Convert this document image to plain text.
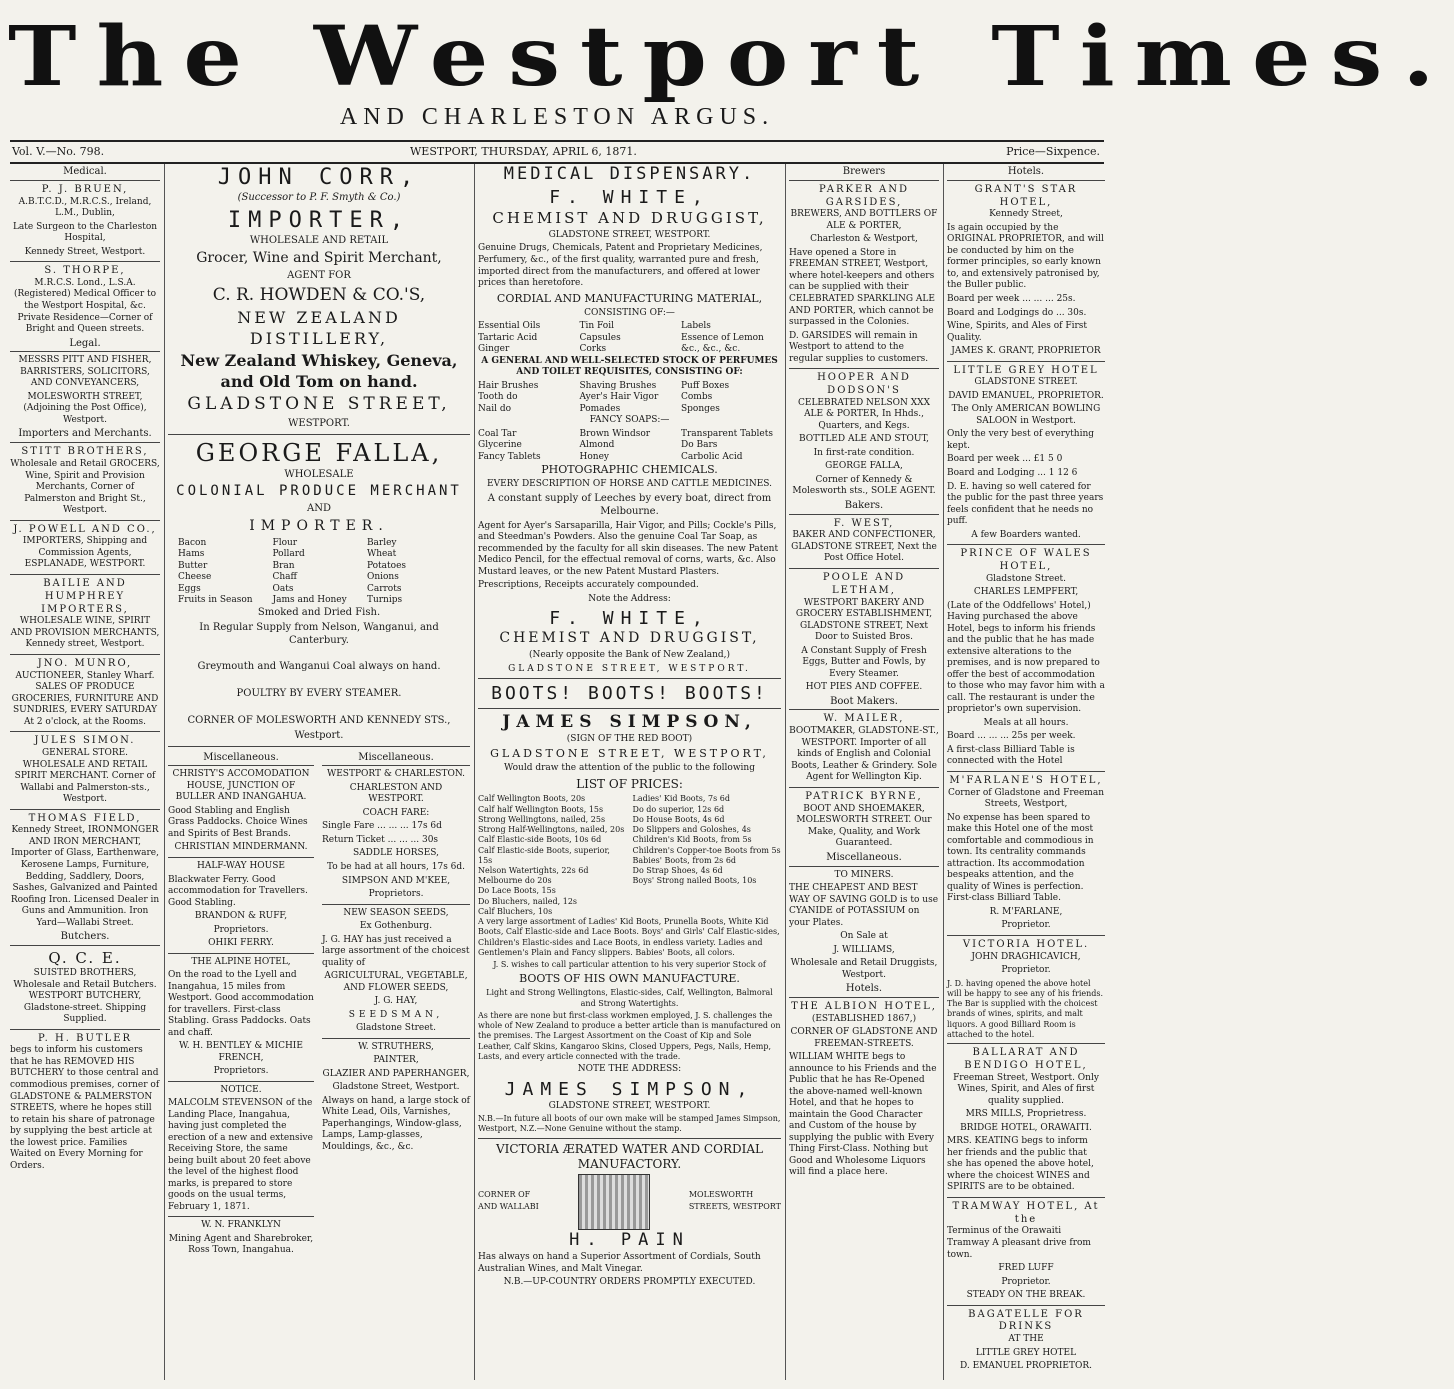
The Westport Times.
AND CHARLESTON ARGUS.
Vol. V.—No. 798.	WESTPORT, THURSDAY, APRIL 6, 1871.	Price—Sixpence.
Medical.
P. J. BRUEN,

A.B.T.C.D., M.R.C.S., Ireland, L.M., Dublin,

Late Surgeon to the Charleston Hospital,

Kennedy Street, Westport.

S. THORPE,

M.R.C.S. Lond., L.S.A. (Registered) Medical Officer to the Westport Hospital, &c. Private Residence—Corner of Bright and Queen streets.

Legal.

MESSRS PITT AND FISHER, BARRISTERS, SOLICITORS, AND CONVEYANCERS,

MOLESWORTH STREET, (Adjoining the Post Office), Westport.

Importers and Merchants.
STITT BROTHERS,

Wholesale and Retail GROCERS, Wine, Spirit and Provision Merchants, Corner of Palmerston and Bright St., Westport.

J. POWELL AND CO.,

IMPORTERS, Shipping and Commission Agents, ESPLANADE, WESTPORT.

BAILIE AND HUMPHREY IMPORTERS,

WHOLESALE WINE, SPIRIT AND PROVISION MERCHANTS, Kennedy street, Westport.

JNO. MUNRO,

AUCTIONEER, Stanley Wharf. SALES OF PRODUCE GROCERIES, FURNITURE AND SUNDRIES, EVERY SATURDAY At 2 o'clock, at the Rooms.

JULES SIMON.

GENERAL STORE. WHOLESALE AND RETAIL SPIRIT MERCHANT. Corner of Wallabi and Palmerston-sts., Westport.

THOMAS FIELD,

Kennedy Street, IRONMONGER AND IRON MERCHANT, Importer of Glass, Earthenware, Kerosene Lamps, Furniture, Bedding, Saddlery, Doors, Sashes, Galvanized and Painted Roofing Iron. Licensed Dealer in Guns and Ammunition. Iron Yard—Wallabi Street.

Butchers.
Q. C. E.

SUISTED BROTHERS, Wholesale and Retail Butchers. WESTPORT BUTCHERY, Gladstone-street. Shipping Supplied.

P. H. BUTLER

begs to inform his customers that he has REMOVED HIS BUTCHERY to those central and commodious premises, corner of GLADSTONE & PALMERSTON STREETS, where he hopes still to retain his share of patronage by supplying the best article at the lowest price. Families Waited on Every Morning for Orders.

JOHN CORR,

(Successor to P. F. Smyth & Co.)

IMPORTER,

WHOLESALE AND RETAIL

Grocer, Wine and Spirit Merchant,

AGENT FOR

C. R. HOWDEN & CO.'S,

NEW ZEALAND DISTILLERY,

New Zealand Whiskey, Geneva, and Old Tom on hand.

GLADSTONE STREET,

WESTPORT.

GEORGE FALLA,

WHOLESALE

COLONIAL PRODUCE MERCHANT

AND

IMPORTER.

Bacon	Flour	Barley
Hams	Pollard	Wheat
Butter	Bran	Potatoes
Cheese	Chaff	Onions
Eggs	Oats	Carrots
Fruits in Season	Jams and Honey	Turnips

Smoked and Dried Fish.

In Regular Supply from Nelson, Wanganui, and Canterbury.

Greymouth and Wanganui Coal always on hand.

POULTRY BY EVERY STEAMER.

CORNER OF MOLESWORTH AND KENNEDY STS.,

Westport.

Miscellaneous.

CHRISTY'S ACCOMODATION HOUSE, JUNCTION OF BULLER AND INANGAHUA.

Good Stabling and English Grass Paddocks. Choice Wines and Spirits of Best Brands.

CHRISTIAN MINDERMANN.

HALF-WAY HOUSE

Blackwater Ferry. Good accommodation for Travellers. Good Stabling.

BRANDON & RUFF,

Proprietors.

OHIKI FERRY.

THE ALPINE HOTEL,

On the road to the Lyell and Inangahua, 15 miles from Westport. Good accommodation for travellers. First-class Stabling. Grass Paddocks. Oats and chaff.

W. H. BENTLEY & MICHIE FRENCH,

Proprietors.

NOTICE.

MALCOLM STEVENSON of the Landing Place, Inangahua, having just completed the erection of a new and extensive Receiving Store, the same being built about 20 feet above the level of the highest flood marks, is prepared to store goods on the usual terms, February 1, 1871.

W. N. FRANKLYN

Mining Agent and Sharebroker, Ross Town, Inangahua.

Miscellaneous.

WESTPORT & CHARLESTON.

CHARLESTON AND WESTPORT.

COACH FARE:

Single Fare ... ... ... 17s 6d

Return Ticket ... ... ... 30s

SADDLE HORSES,

To be had at all hours, 17s 6d.

SIMPSON AND M'KEE,

Proprietors.

NEW SEASON SEEDS,

Ex Gothenburg.

J. G. HAY has just received a large assortment of the choicest quality of

AGRICULTURAL, VEGETABLE, AND FLOWER SEEDS,

J. G. HAY,

SEEDSMAN,

Gladstone Street.

W. STRUTHERS,

PAINTER,

GLAZIER AND PAPERHANGER,

Gladstone Street, Westport.

Always on hand, a large stock of White Lead, Oils, Varnishes, Paperhangings, Window-glass, Lamps, Lamp-glasses, Mouldings, &c., &c.

MEDICAL DISPENSARY.
F. WHITE,

CHEMIST AND DRUGGIST,

GLADSTONE STREET, WESTPORT.

Genuine Drugs, Chemicals, Patent and Proprietary Medicines, Perfumery, &c., of the first quality, warranted pure and fresh, imported direct from the manufacturers, and offered at lower prices than heretofore.

CORDIAL AND MANUFACTURING MATERIAL,

CONSISTING OF:—

Essential Oils	Tin Foil	Labels
Tartaric Acid	Capsules	Essence of Lemon
Ginger	Corks	&c., &c., &c.

A GENERAL AND WELL-SELECTED STOCK OF PERFUMES AND TOILET REQUISITES, CONSISTING OF:

Hair Brushes	Shaving Brushes	Puff Boxes
Tooth do	Ayer's Hair Vigor	Combs
Nail do	Pomades	Sponges

FANCY SOAPS:—

Coal Tar	Brown Windsor	Transparent Tablets
Glycerine	Almond	Do Bars
Fancy Tablets	Honey	Carbolic Acid

PHOTOGRAPHIC CHEMICALS.

EVERY DESCRIPTION OF HORSE AND CATTLE MEDICINES.

A constant supply of Leeches by every boat, direct from Melbourne.

Agent for Ayer's Sarsaparilla, Hair Vigor, and Pills; Cockle's Pills, and Steedman's Powders. Also the genuine Coal Tar Soap, as recommended by the faculty for all skin diseases. The new Patent Medico Pencil, for the effectual removal of corns, warts, &c. Also Mustard leaves, or the new Patent Mustard Plasters.

Prescriptions, Receipts accurately compounded.

Note the Address:

F. WHITE,

CHEMIST AND DRUGGIST,

(Nearly opposite the Bank of New Zealand,)

GLADSTONE STREET, WESTPORT.

BOOTS! BOOTS! BOOTS!
JAMES SIMPSON,

(SIGN OF THE RED BOOT)

GLADSTONE STREET, WESTPORT,

Would draw the attention of the public to the following

LIST OF PRICES:

Calf Wellington Boots, 20s
Calf half Wellington Boots, 15s
Strong Wellingtons, nailed, 25s
Strong Half-Wellingtons, nailed, 20s
Calf Elastic-side Boots, 10s 6d
Calf Elastic-side Boots, superior, 15s
Nelson Watertights, 22s 6d
Melbourne do 20s
Do Lace Boots, 15s
Do Bluchers, nailed, 12s
Calf Bluchers, 10s
Ladies' Kid Boots, 7s 6d
Do do superior, 12s 6d
Do House Boots, 4s 6d
Do Slippers and Goloshes, 4s
Children's Kid Boots, from 5s
Children's Copper-toe Boots from 5s
Babies' Boots, from 2s 6d
Do Strap Shoes, 4s 6d
Boys' Strong nailed Boots, 10s

A very large assortment of Ladies' Kid Boots, Prunella Boots, White Kid Boots, Calf Elastic-side and Lace Boots. Boys' and Girls' Calf Elastic-sides, Children's Elastic-sides and Lace Boots, in endless variety. Ladies and Gentlemen's Plain and Fancy slippers. Babies' Boots, all colors.

J. S. wishes to call particular attention to his very superior Stock of

BOOTS OF HIS OWN MANUFACTURE.

Light and Strong Wellingtons, Elastic-sides, Calf, Wellington, Balmoral and Strong Watertights.

As there are none but first-class workmen employed, J. S. challenges the whole of New Zealand to produce a better article than is manufactured on the premises. The Largest Assortment on the Coast of Kip and Sole Leather, Calf Skins, Kangaroo Skins, Closed Uppers, Pegs, Nails, Hemp, Lasts, and every article connected with the trade.

NOTE THE ADDRESS:

JAMES SIMPSON,

GLADSTONE STREET, WESTPORT.

N.B.—In future all boots of our own make will be stamped James Simpson, Westport, N.Z.—None Genuine without the stamp.

VICTORIA ÆRATED WATER AND CORDIAL MANUFACTORY.

CORNER OF

AND WALLABI

MOLESWORTH

STREETS, WESTPORT

H. PAIN

Has always on hand a Superior Assortment of Cordials, South Australian Wines, and Malt Vinegar.

N.B.—UP-COUNTRY ORDERS PROMPTLY EXECUTED.

Brewers
PARKER AND GARSIDES,

BREWERS, AND BOTTLERS OF ALE & PORTER,

Charleston & Westport,

Have opened a Store in FREEMAN STREET, Westport, where hotel-keepers and others can be supplied with their CELEBRATED SPARKLING ALE AND PORTER, which cannot be surpassed in the Colonies.

D. GARSIDES will remain in Westport to attend to the regular supplies to customers.

HOOPER AND DODSON'S

CELEBRATED NELSON XXX ALE & PORTER, In Hhds., Quarters, and Kegs.

BOTTLED ALE AND STOUT,

In first-rate condition.

GEORGE FALLA,

Corner of Kennedy & Molesworth sts., SOLE AGENT.

Bakers.
F. WEST,

BAKER AND CONFECTIONER, GLADSTONE STREET, Next the Post Office Hotel.

POOLE AND LETHAM,

WESTPORT BAKERY AND GROCERY ESTABLISHMENT, GLADSTONE STREET, Next Door to Suisted Bros.

A Constant Supply of Fresh Eggs, Butter and Fowls, by Every Steamer.

HOT PIES AND COFFEE.

Boot Makers.
W. MAILER,

BOOTMAKER, GLADSTONE-ST., WESTPORT. Importer of all kinds of English and Colonial Boots, Leather & Grindery. Sole Agent for Wellington Kip.

PATRICK BYRNE,

BOOT AND SHOEMAKER, MOLESWORTH STREET. Our Make, Quality, and Work Guaranteed.

Miscellaneous.

TO MINERS.

THE CHEAPEST AND BEST WAY OF SAVING GOLD is to use CYANIDE of POTASSIUM on your Plates.

On Sale at

J. WILLIAMS,

Wholesale and Retail Druggists, Westport.

Hotels.
THE ALBION HOTEL,

(ESTABLISHED 1867,)

CORNER OF GLADSTONE AND FREEMAN-STREETS.

WILLIAM WHITE begs to announce to his Friends and the Public that he has Re-Opened the above-named well-known Hotel, and that he hopes to maintain the Good Character and Custom of the house by supplying the public with Every Thing First-Class. Nothing but Good and Wholesome Liquors will find a place here.

Hotels.
GRANT'S STAR HOTEL,

Kennedy Street,

Is again occupied by the ORIGINAL PROPRIETOR, and will be conducted by him on the former principles, so early known to, and extensively patronised by, the Buller public.

Board per week ... ... ... 25s.

Board and Lodgings do ... 30s.

Wine, Spirits, and Ales of First Quality.

JAMES K. GRANT, PROPRIETOR

LITTLE GREY HOTEL

GLADSTONE STREET.

DAVID EMANUEL, PROPRIETOR.

The Only AMERICAN BOWLING SALOON in Westport.

Only the very best of everything kept.

Board per week ... £1 5 0

Board and Lodging ... 1 12 6

D. E. having so well catered for the public for the past three years feels confident that he needs no puff.

A few Boarders wanted.

PRINCE OF WALES HOTEL,

Gladstone Street.

CHARLES LEMPFERT,

(Late of the Oddfellows' Hotel,) Having purchased the above Hotel, begs to inform his friends and the public that he has made extensive alterations to the premises, and is now prepared to offer the best of accommodation to those who may favor him with a call. The restaurant is under the proprietor's own supervision.

Meals at all hours.

Board ... ... ... 25s per week.

A first-class Billiard Table is connected with the Hotel

M'FARLANE'S HOTEL,

Corner of Gladstone and Freeman Streets, Westport,

No expense has been spared to make this Hotel one of the most comfortable and commodious in town. Its centrality commands attraction. Its accommodation bespeaks attention, and the quality of Wines is perfection. First-class Billiard Table.

R. M'FARLANE,

Proprietor.

VICTORIA HOTEL.

JOHN DRAGHICAVICH,

Proprietor.

J. D. having opened the above hotel will be happy to see any of his friends. The Bar is supplied with the choicest brands of wines, spirits, and malt liquors. A good Billiard Room is attached to the hotel.

BALLARAT AND BENDIGO HOTEL,

Freeman Street, Westport. Only Wines, Spirit, and Ales of first quality supplied.

MRS MILLS, Proprietress.

BRIDGE HOTEL, ORAWAITI.

MRS. KEATING begs to inform her friends and the public that she has opened the above hotel, where the choicest WINES and SPIRITS are to be obtained.

TRAMWAY HOTEL, At the

Terminus of the Orawaiti Tramway A pleasant drive from town.

FRED LUFF

Proprietor.

STEADY ON THE BREAK.

BAGATELLE FOR DRINKS

AT THE

LITTLE GREY HOTEL

D. EMANUEL PROPRIETOR.
